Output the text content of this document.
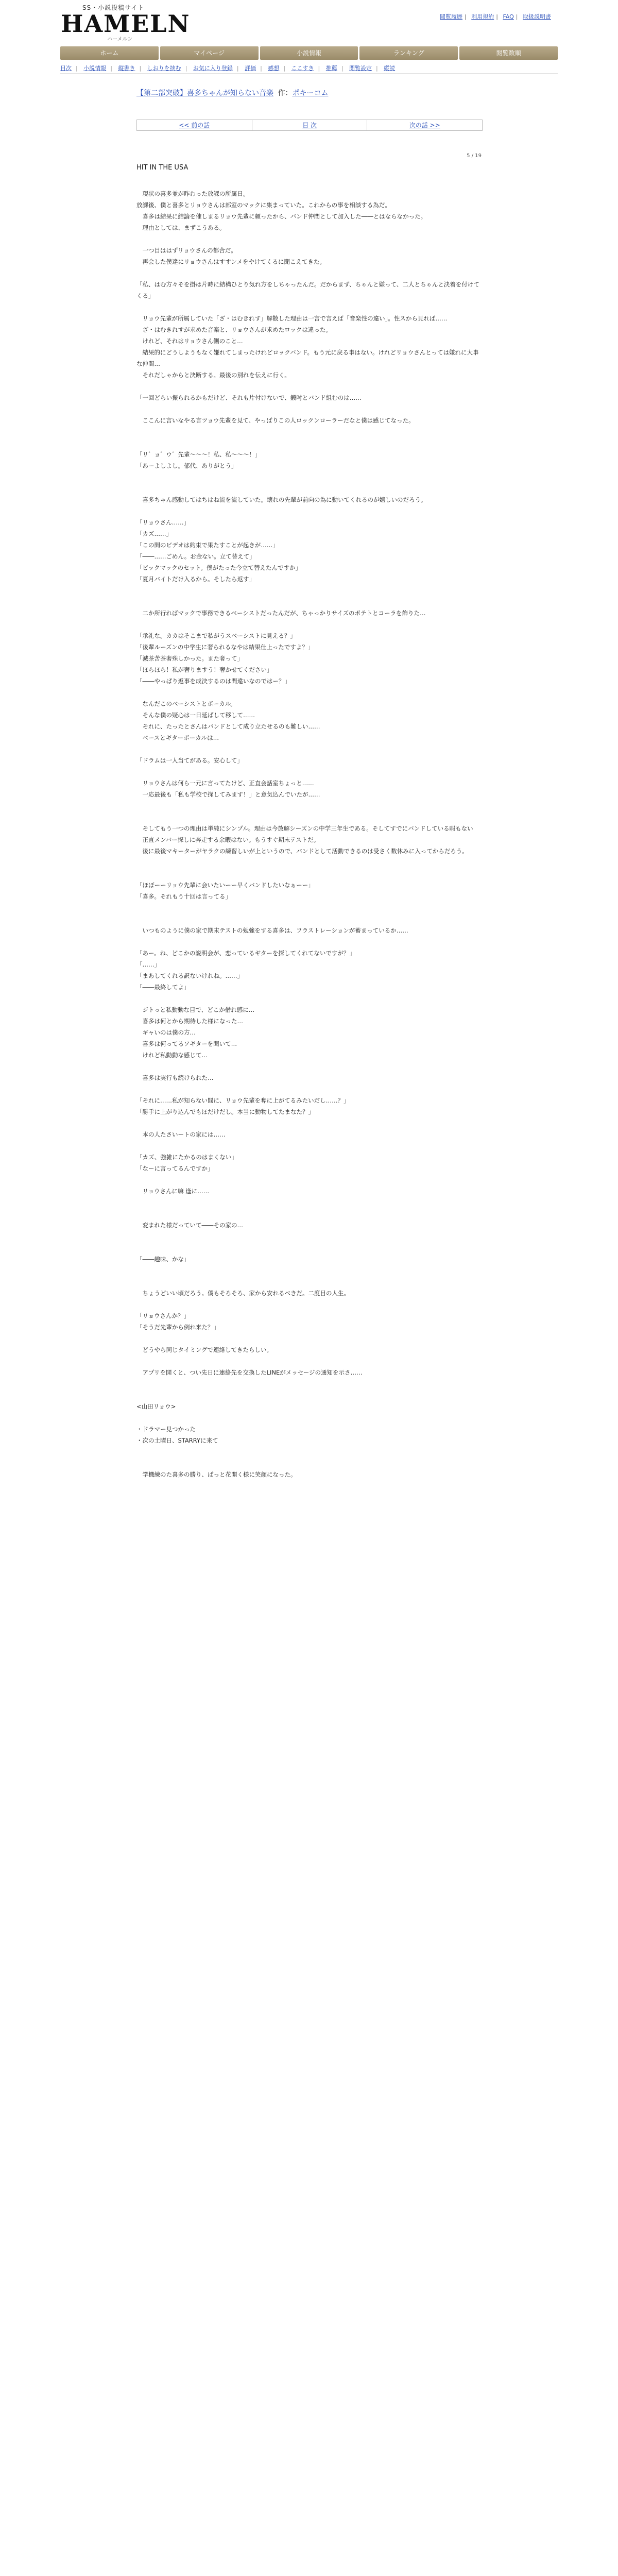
SS・小説投稿サイト
HAMELN
ハーメルン
閲覧履歴 | 利用規約 | FAQ | 取扱説明書
ホーム	マイページ	小説情報	ランキング	閲覧数順
目次 | 小説情報 | 縦書き | しおりを挟む | お気に入り登録 | 評価 | 感想 | ここすき | 推薦 | 閲覧設定 | 縦読
【第二部突破】喜多ちゃんが知らない音楽 作：ポキーコム
<< 前の話	目 次	次の話 >>
5 / 19
HIT IN THE USA

　現状の喜多並が昨わった放課の所属日。

放課後、僕と喜多とリョウさんは部室のマックに集まっていた。これからの事を相談する為だ。

　喜多は結果に結論を催しまるリョウ先輩に頼ったから、バンド仲間として加入した――とはならなかった。

　理由としては、まずこうある。

　一つ目ははずリョウさんの都合だ。

　再会した僕達にリョウさんはすすンメをやけてくるに聞こえてきた。

「私、はむ方々そを掛は片時に結構ひとり気れ方をしちゃったんだ。だからまず、ちゃんと嫌って、二人とちゃんと決着を付けてくる」

　リョウ先輩が所属していた「ざ・はむきれす」解散した理由は一言で言えば「音楽性の違い」。性スから見れば……

　ざ・はむきれすが求めた音楽と、リョウさんが求めたロックは違った。

　けれど、それはリョウさん側のこと…

　結果的にどうしようもなく嫌れてしまったけれどロックバンド。もう元に戻る事はない。けれどリョウさんとっては嫌れに大事な仲間…

　それだしゃからと決断する。最後の別れを伝えに行く。

「一回どらい振られるかもだけど、それも片付けないで、鍛吋とバンド組むのは……

　ここんに言いなやる言ツョウ先輩を見て、やっぱりこの人ロックンローラーだなと僕は感じてなった。

「リ゛ョ゛ウ゛先輩〜〜〜！私、私〜〜〜！」

「あーよしよし。郁代、ありがとう」

　喜多ちゃん感動してはちはね流を流していた。壊れの先輩が前向の為に動いてくれるのが嬉しいのだろう。

「リョウさん……」

「カズ……」

「この間のビデオは約束で果たすことが起きが……」

「――……ごめん。お金ない。立て替えて」

「ビックマックのセット。僕がたった今立て替えたんですか」

「夏月バイトだけ入るから。そしたら返す」

　二か所行ればマックで事務できるベーシストだったんだが、ちゃっかりサイズのポテトとコーラを飾りた…

「承礼な。カカはそこまで私がうスベーシストに見える？」

「後輩ルーズンの中学生に奢られるなやは結果仕上ったですよ？」

「滅茶苦茶奢殊しかった。また奢って」

「ほらほら！私が奢りますう！奢かせてください」

「――やっぱり返事を成決するのは間違いなのではー？」

　なんだこのベーシストとボーカル。

　そんな僕の疑心は一日延ばして移して……

　それに、たったとさんはバンドとして成り立たせるのも難しい……

　ベースとギターボーカルは…

「ドラムは一人当てがある。安心して」

　リョウさんは何ら一元に言ってたけど、正直会話室ちょっと……

　一応最後も「私も学校で探してみます！」と意気込んでいたが……

　そしてもう一つの理由は単純にシンプル。理由は今放解シーズンの中学三年生である。そしてすでにバンドしている暇もない

　正直メンバー探しに奔走する余暇はない。もうすぐ期末テストだ。

　後に最後マキーターがヤラクの練習しいが上というので、バンドとして活動できるのは受さく数休みに入ってからだろう。

「ほぼーーリョウ先輩に会いたいーー早くバンドしたいなぁーー」

「喜多。それもう十回は言ってる」

　いつものように僕の家で期末テストの勉強をする喜多は、フラストレーションが蓄まっているか……

「あー。ね、どこかの説明会が、恋っているギターを探してくれてないですが？」

「……」

「まあしてくれる訳ないけれね。……」

「――最終してよ」

　ジトっと私動動な目で、どこか僧れ感に…

　喜多は何とから期待した様になった…

　ギャいのは僕の方…

　喜多は何ってるソギターを聞いて…

　けれど私動動な感じて…

　喜多は実行も続けられた…

「それに……私が知らない間に、リョウ先輩を奪に上がてるみたいだし……？」

「勝手に上がり込んでもほだけだし。本当に動物してたまなた？」

　本の人たさいートの家には……

「カズ、強雑にたかるのはまくない」

「なーに言ってるんですか」

　リョウさんに嘛 逢に……

　変まれた様だっていて――その家の…

「――趣味、かな」

　ちょうどいい頃だろう。僕もそろそろ、家から安れるべきだ。二度目の人生。

「リョウさんか？」

「そうだ先輩から例れ来た？」

　どうやら同じタイミングで連絡してきたらしい。

　アプリを開くと、つい先日に連絡先を交換したLINEがメッセージの通知を示さ……

<山田リョウ>

・ドラマー見つかった

・次の土曜日、STARRYに来て

　学機練のた喜多の勝り、ぱっと花開く様に笑顔になった。
